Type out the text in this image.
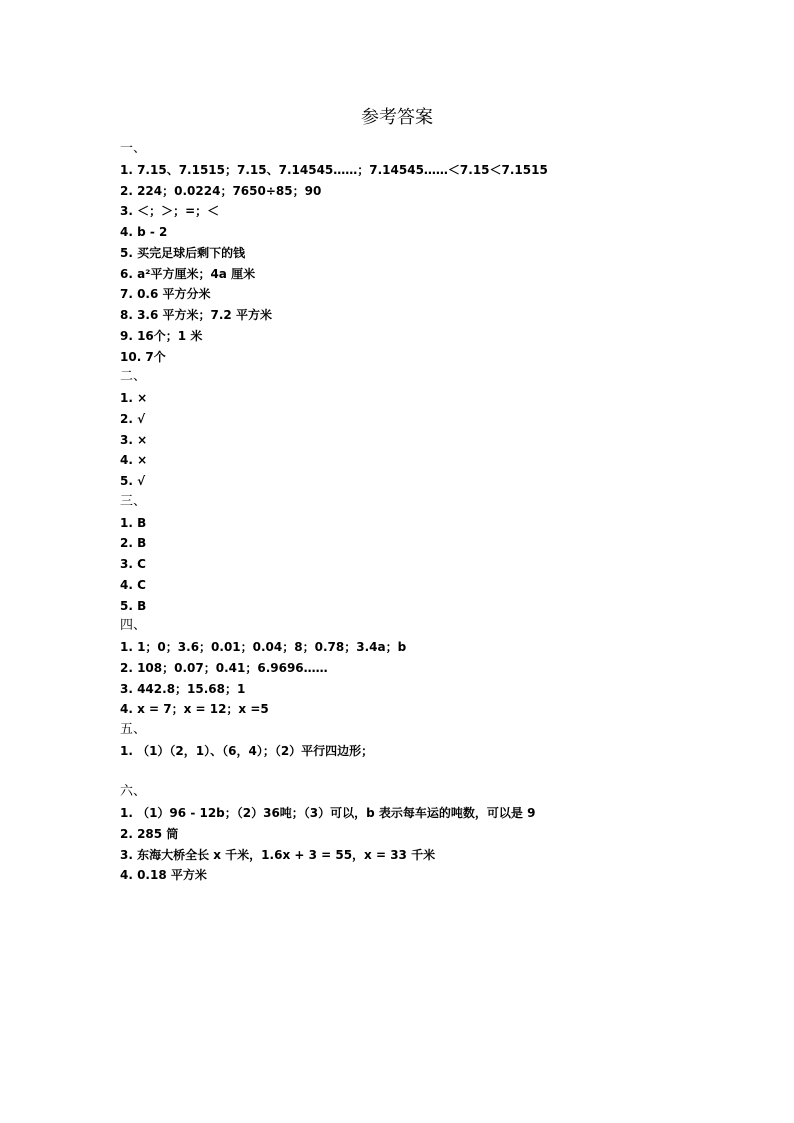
参考答案
一、
1. 7.15、7.1515；7.15、7.14545……；7.14545……＜7.15＜7.1515
2. 224；0.0224；7650÷85；90
3. ＜；＞；=；＜
4. b - 2
5. 买完足球后剩下的钱
6. a²平方厘米；4a 厘米
7. 0.6 平方分米
8. 3.6 平方米；7.2 平方米
9. 16个；1 米
10. 7个
二、
1. ×
2. √
3. ×
4. ×
5. √
三、
1. B
2. B
3. C
4. C
5. B
四、
1. 1；0；3.6；0.01；0.04；8；0.78；3.4a；b
2. 108；0.07；0.41；6.9696……
3. 442.8；15.68；1
4. x = 7；x = 12；x =5
五、
1. （1）（2，1）、（6，4）；（2）平行四边形；
六、
1. （1）96 - 12b；（2）36吨；（3）可以，b 表示每车运的吨数，可以是 9
2. 285 筒
3. 东海大桥全长 x 千米，1.6x + 3 = 55，x = 33 千米
4. 0.18 平方米
